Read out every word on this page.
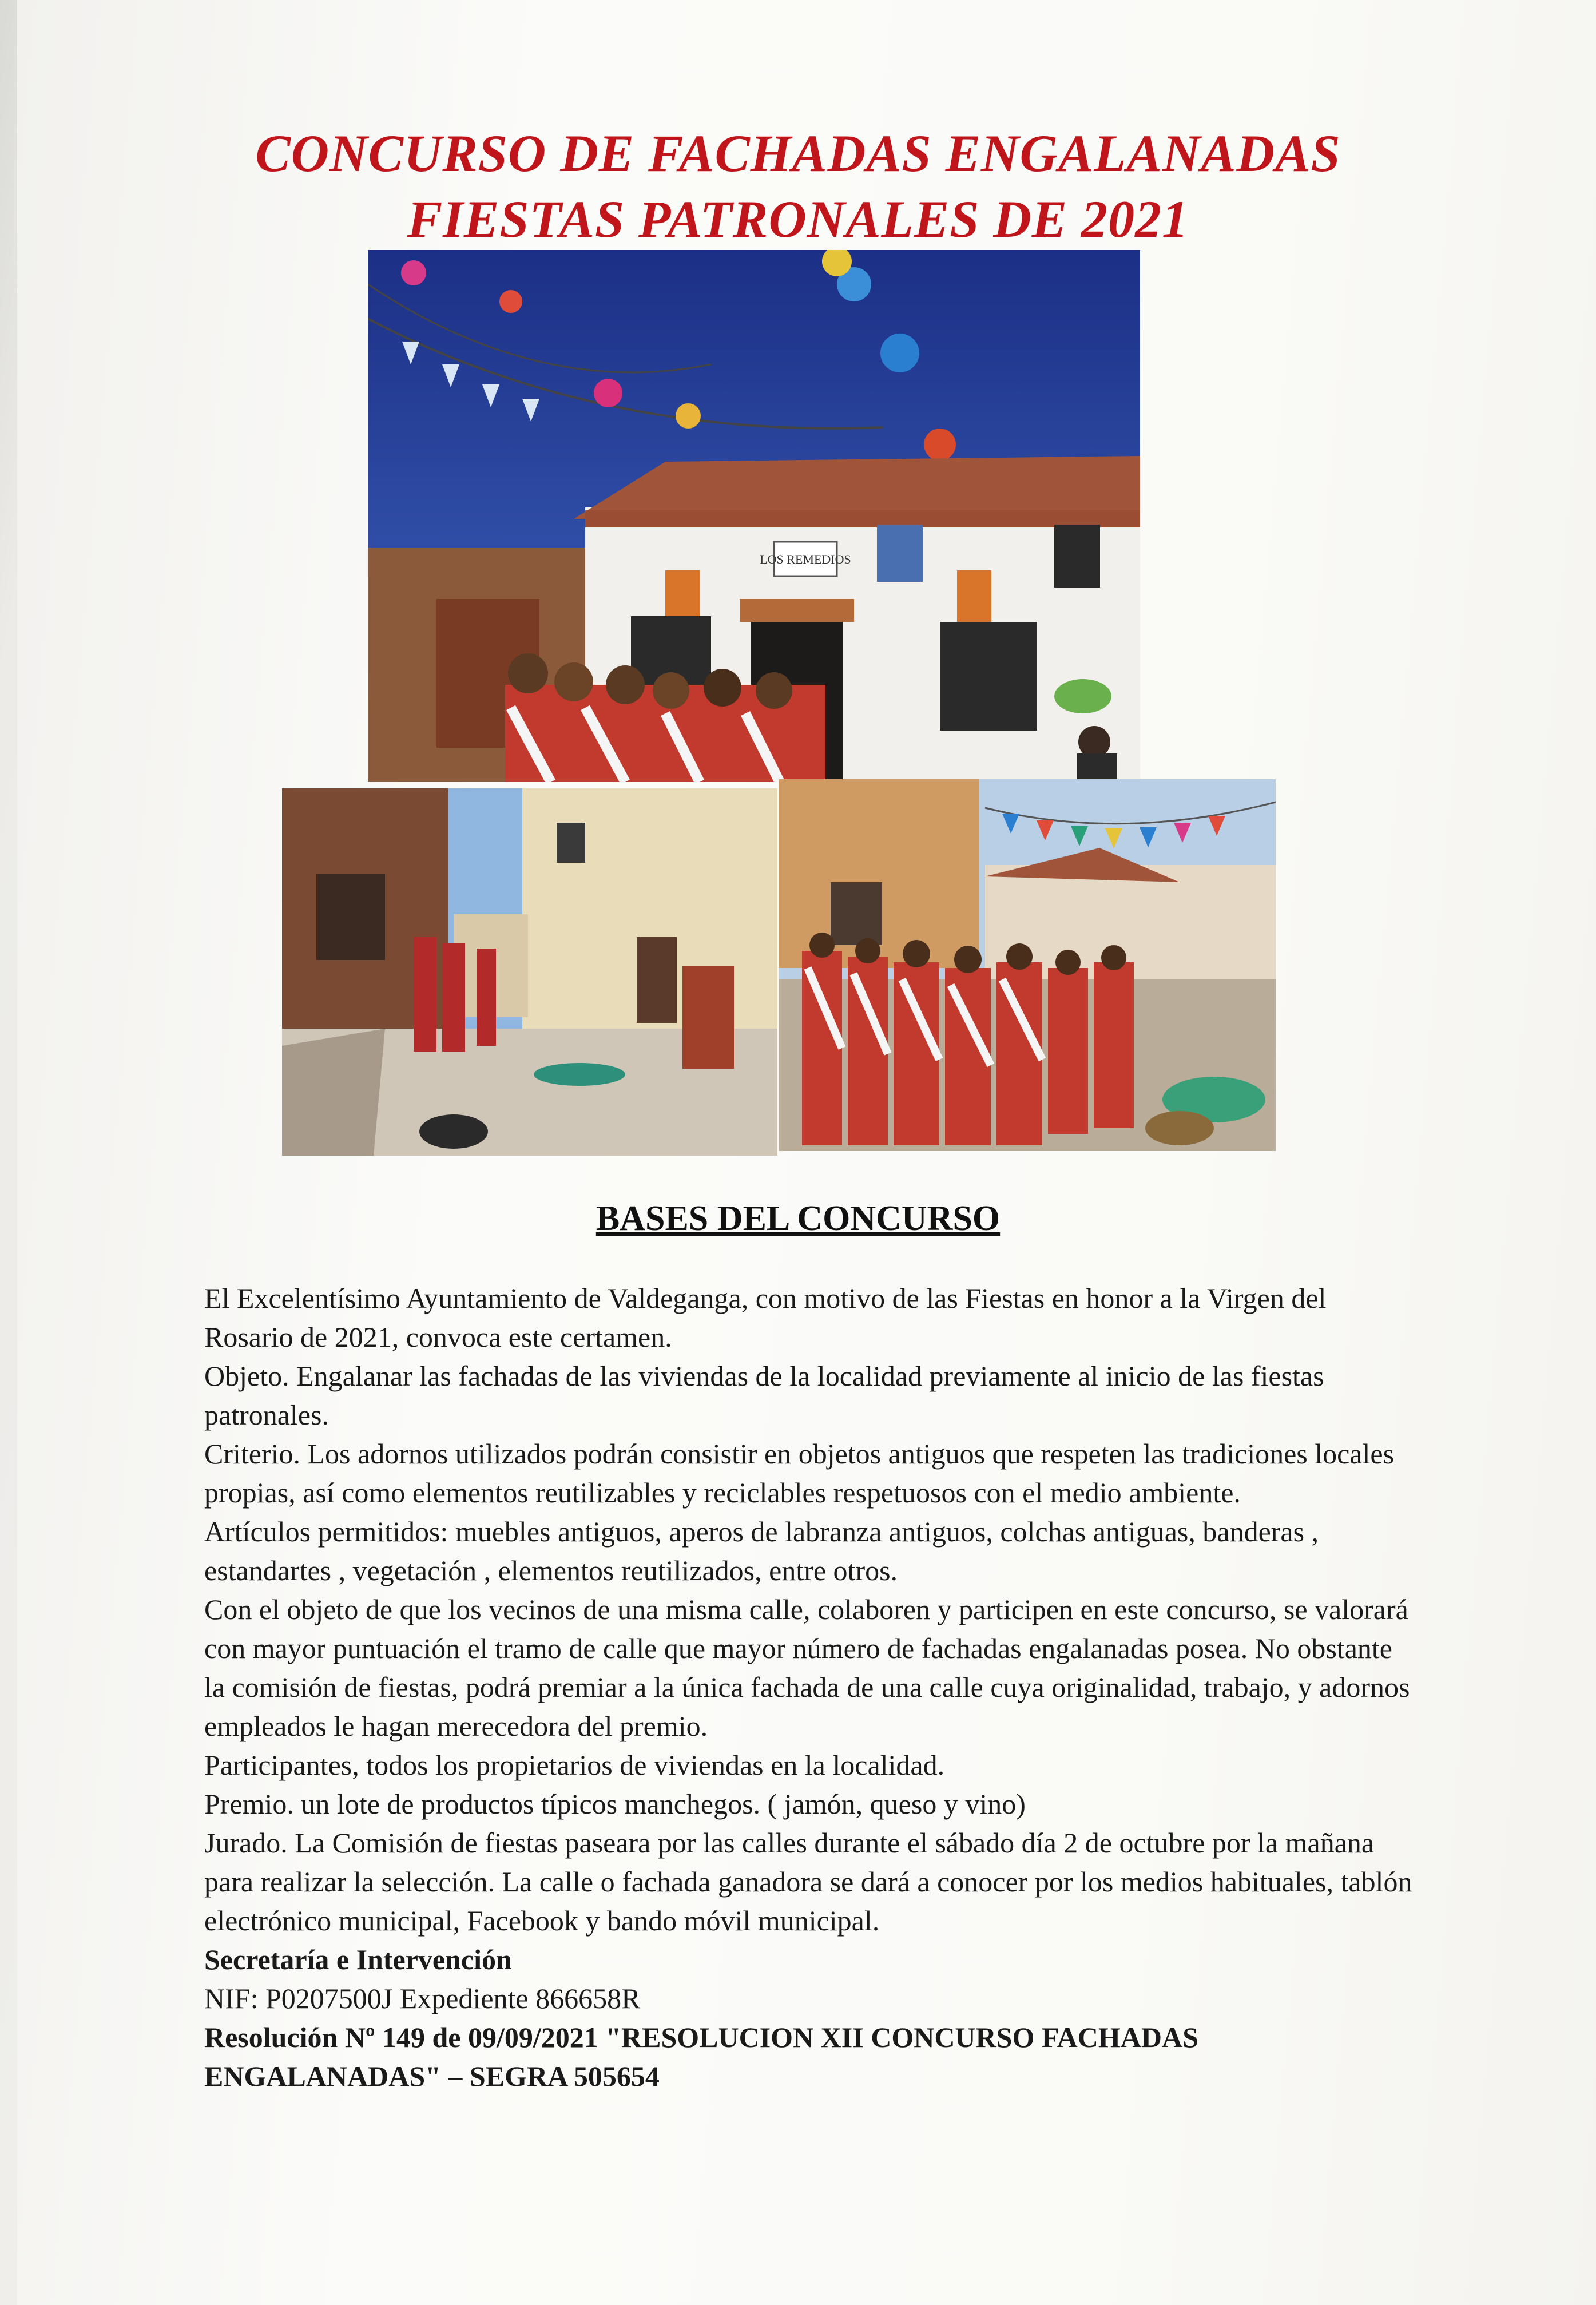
CONCURSO DE FACHADAS ENGALANADAS
FIESTAS PATRONALES DE 2021
LOS REMEDIOS
BASES DEL CONCURSO

El Excelentísimo Ayuntamiento de Valdeganga, con motivo de las Fiestas en honor a la Virgen del Rosario de 2021, convoca este certamen.

Objeto. Engalanar las fachadas de las viviendas de la localidad previamente al inicio de las fiestas patronales.

Criterio. Los adornos utilizados podrán consistir en objetos antiguos que respeten las tradiciones locales propias, así como elementos reutilizables y reciclables respetuosos con el medio ambiente.

Artículos permitidos: muebles antiguos, aperos de labranza antiguos, colchas antiguas, banderas , estandartes , vegetación , elementos reutilizados, entre otros.

Con el objeto de que los vecinos de una misma calle, colaboren y participen en este concurso, se valorará con mayor puntuación el tramo de calle que mayor número de fachadas engalanadas posea. No obstante la comisión de fiestas, podrá premiar a la única fachada de una calle cuya originalidad, trabajo, y adornos empleados le hagan merecedora del premio.

Participantes, todos los propietarios de viviendas en la localidad.

Premio. un lote de productos típicos manchegos. ( jamón, queso y vino)

Jurado. La Comisión de fiestas paseara por las calles durante el sábado día 2 de octubre por la mañana para realizar la selección. La calle o fachada ganadora se dará a conocer por los medios habituales, tablón electrónico municipal, Facebook y bando móvil municipal.

Secretaría e Intervención

NIF: P0207500J Expediente 866658R

Resolución Nº 149 de 09/09/2021 "RESOLUCION XII CONCURSO FACHADAS ENGALANADAS" – SEGRA 505654
